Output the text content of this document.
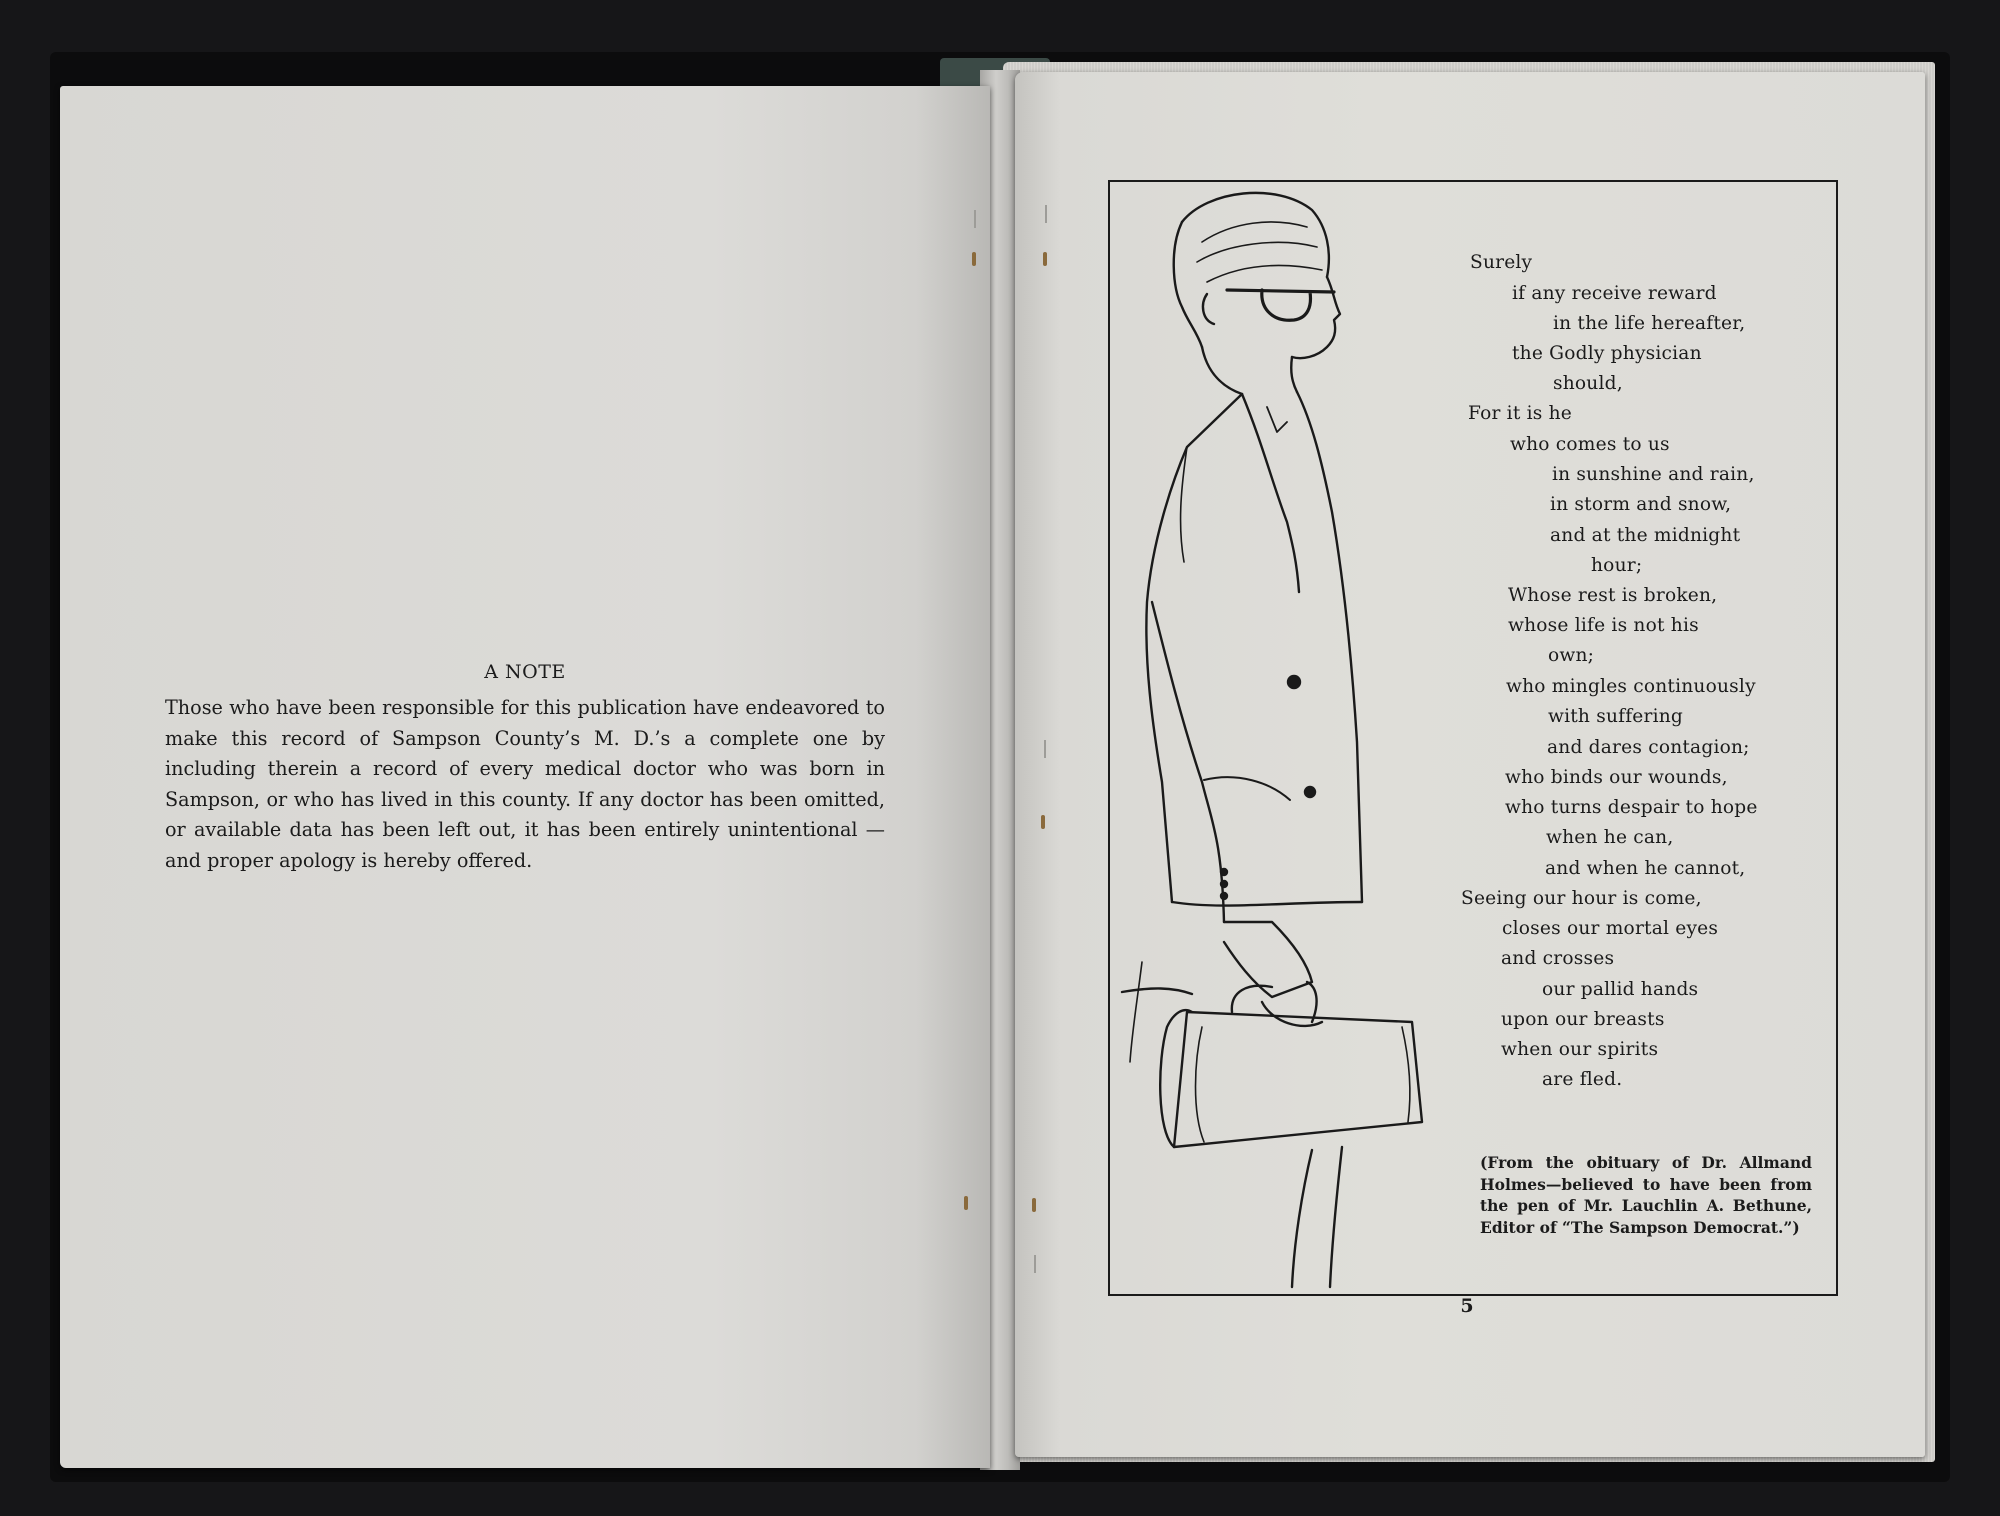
A NOTE
Those who have been responsible for this publication have endeavored to make this record of Sampson County’s M. D.’s a complete one by including therein a record of every medical doctor who was born in Sampson, or who has lived in this county. If any doctor has been omitted, or available data has been left out, it has been entirely unintentional — and proper apology is hereby offered.
Surely
if any receive reward
in the life hereafter,
the Godly physician
should,
For it is he
who comes to us
in sunshine and rain,
in storm and snow,
and at the midnight
hour;
Whose rest is broken,
whose life is not his
own;
who mingles continuously
with suffering
and dares contagion;
who binds our wounds,
who turns despair to hope
when he can,
and when he cannot,
Seeing our hour is come,
closes our mortal eyes
and crosses
our pallid hands
upon our breasts
when our spirits
are fled.
(From the obituary of Dr. Allmand Holmes—believed to have been from the pen of Mr. Lauchlin A. Bethune, Editor of “The Sampson Democrat.”)
5
